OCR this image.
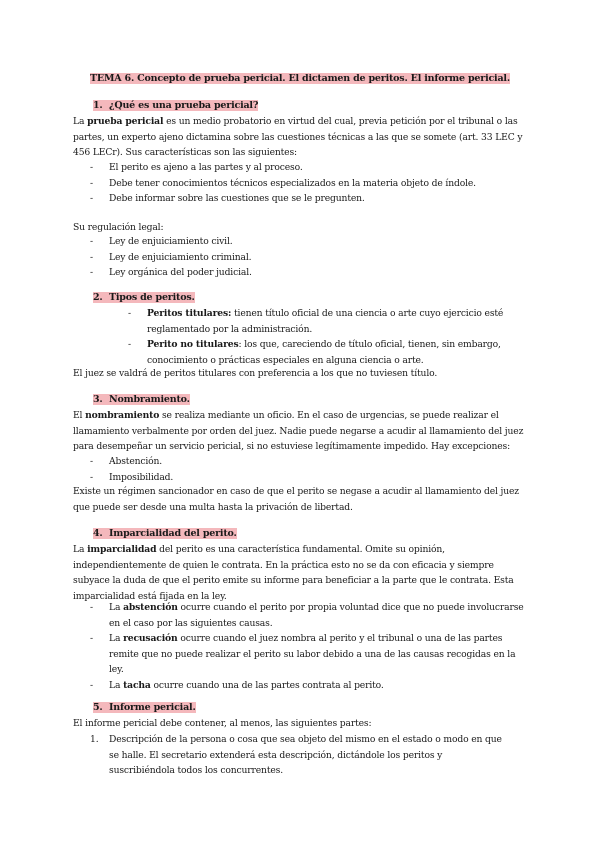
TEMA 6. Concepto de prueba pericial. El dictamen de peritos. El informe pericial.
1. ¿Qué es una prueba pericial?
La prueba pericial es un medio probatorio en virtud del cual, previa petición por el tribunal o las partes, un experto ajeno dictamina sobre las cuestiones técnicas a las que se somete (art. 33 LEC y 456 LECr). Sus características son las siguientes:
- El perito es ajeno a las partes y al proceso.
- Debe tener conocimientos técnicos especializados en la materia objeto de índole.
- Debe informar sobre las cuestiones que se le pregunten.
Su regulación legal:
- Ley de enjuiciamiento civil.
- Ley de enjuiciamiento criminal.
- Ley orgánica del poder judicial.
2. Tipos de peritos.
- Peritos titulares: tienen título oficial de una ciencia o arte cuyo ejercicio esté reglamentado por la administración.
- Perito no titulares: los que, careciendo de título oficial, tienen, sin embargo, conocimiento o prácticas especiales en alguna ciencia o arte.
El juez se valdrá de peritos titulares con preferencia a los que no tuviesen título.
3. Nombramiento.
El nombramiento se realiza mediante un oficio. En el caso de urgencias, se puede realizar el llamamiento verbalmente por orden del juez. Nadie puede negarse a acudir al llamamiento del juez para desempeñar un servicio pericial, si no estuviese legítimamente impedido. Hay excepciones:
- Abstención.
- Imposibilidad.
Existe un régimen sancionador en caso de que el perito se negase a acudir al llamamiento del juez que puede ser desde una multa hasta la privación de libertad.
4. Imparcialidad del perito.
La imparcialidad del perito es una característica fundamental. Omite su opinión, independientemente de quien le contrata. En la práctica esto no se da con eficacia y siempre subyace la duda de que el perito emite su informe para beneficiar a la parte que le contrata. Esta imparcialidad está fijada en la ley.
- La abstención ocurre cuando el perito por propia voluntad dice que no puede involucrarse en el caso por las siguientes causas.
- La recusación ocurre cuando el juez nombra al perito y el tribunal o una de las partes remite que no puede realizar el perito su labor debido a una de las causas recogidas en la ley.
- La tacha ocurre cuando una de las partes contrata al perito.
5. Informe pericial.
El informe pericial debe contener, al menos, las siguientes partes:
1. Descripción de la persona o cosa que sea objeto del mismo en el estado o modo en que se halle. El secretario extenderá esta descripción, dictándole los peritos y suscribiéndola todos los concurrentes.
